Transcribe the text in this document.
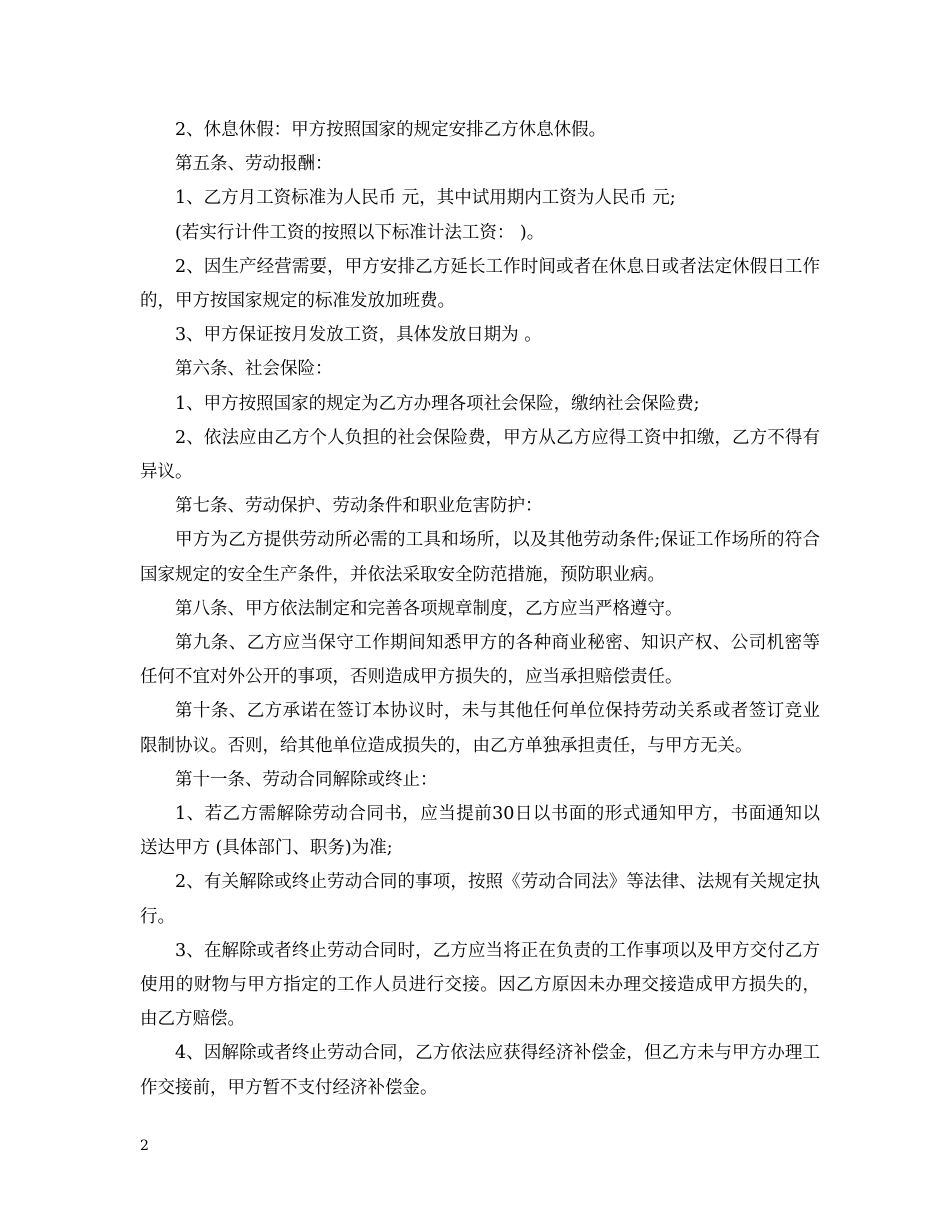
2、休息休假：甲方按照国家的规定安排乙方休息休假。

第五条、劳动报酬：

1、乙方月工资标准为人民币 元，其中试用期内工资为人民币 元;

(若实行计件工资的按照以下标准计法工资： )。

2、因生产经营需要，甲方安排乙方延长工作时间或者在休息日或者法定休假日工作的，甲方按国家规定的标准发放加班费。

3、甲方保证按月发放工资，具体发放日期为 。

第六条、社会保险：

1、甲方按照国家的规定为乙方办理各项社会保险，缴纳社会保险费;

2、依法应由乙方个人负担的社会保险费，甲方从乙方应得工资中扣缴，乙方不得有异议。

第七条、劳动保护、劳动条件和职业危害防护：

甲方为乙方提供劳动所必需的工具和场所，以及其他劳动条件;保证工作场所的符合国家规定的安全生产条件，并依法采取安全防范措施，预防职业病。

第八条、甲方依法制定和完善各项规章制度，乙方应当严格遵守。

第九条、乙方应当保守工作期间知悉甲方的各种商业秘密、知识产权、公司机密等任何不宜对外公开的事项，否则造成甲方损失的，应当承担赔偿责任。

第十条、乙方承诺在签订本协议时，未与其他任何单位保持劳动关系或者签订竞业限制协议。否则，给其他单位造成损失的，由乙方单独承担责任，与甲方无关。

第十一条、劳动合同解除或终止：

1、若乙方需解除劳动合同书，应当提前30日以书面的形式通知甲方，书面通知以送达甲方 (具体部门、职务)为准;

2、有关解除或终止劳动合同的事项，按照《劳动合同法》等法律、法规有关规定执行。

3、在解除或者终止劳动合同时，乙方应当将正在负责的工作事项以及甲方交付乙方使用的财物与甲方指定的工作人员进行交接。因乙方原因未办理交接造成甲方损失的，由乙方赔偿。

4、因解除或者终止劳动合同，乙方依法应获得经济补偿金，但乙方未与甲方办理工作交接前，甲方暂不支付经济补偿金。

2
